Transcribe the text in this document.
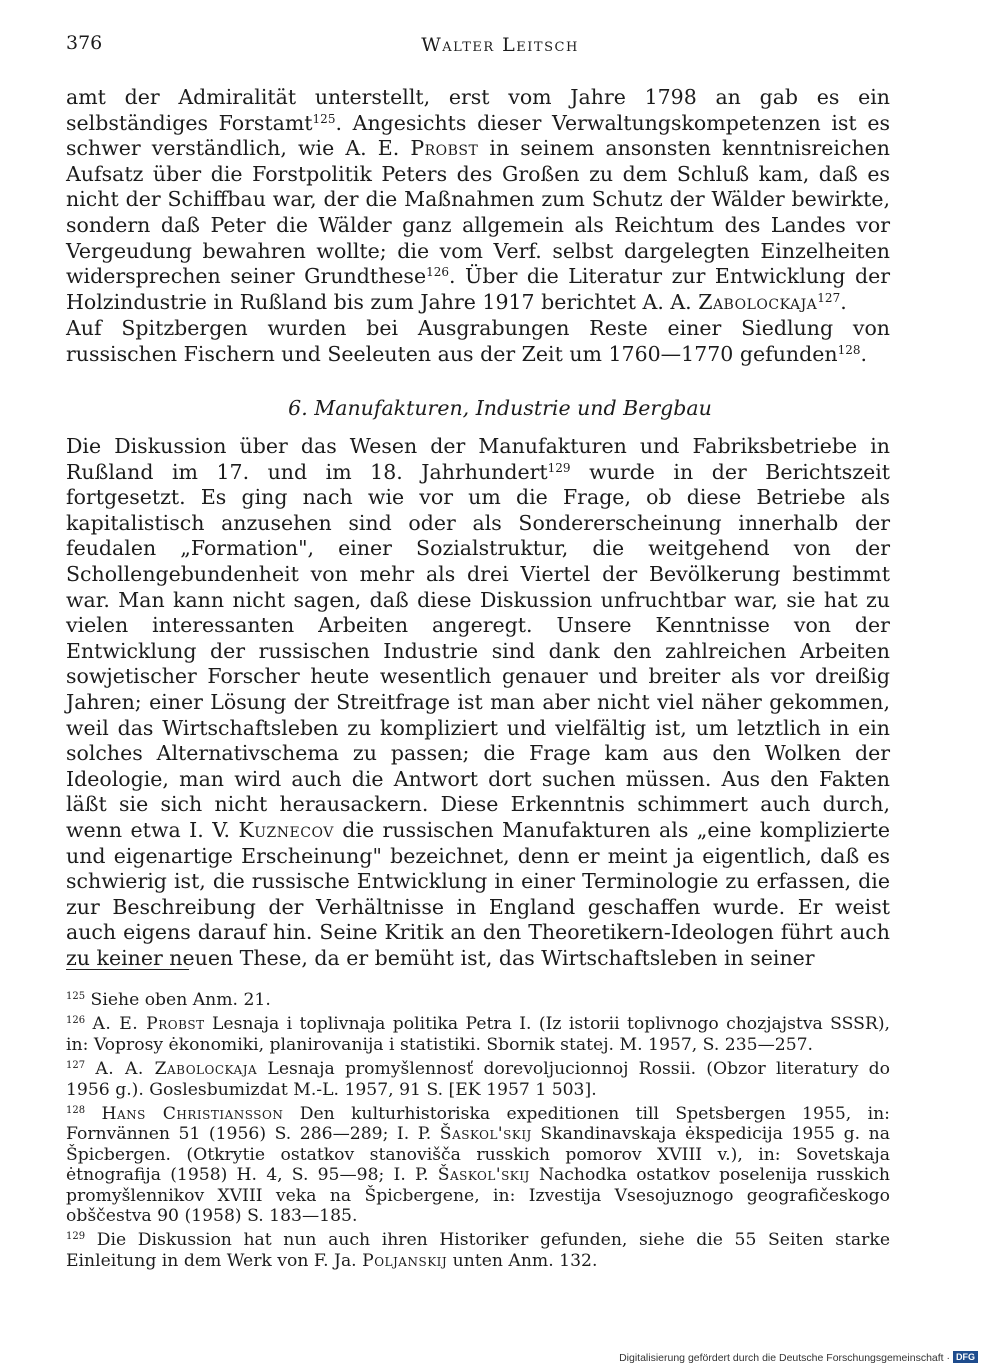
376	Walter Leitsch

amt der Admiralität unterstellt, erst vom Jahre 1798 an gab es ein selbständiges Forstamt$^{125}$. Angesichts dieser Verwaltungskompetenzen ist es schwer verständlich, wie A. E. Probst in seinem ansonsten kenntnisreichen Aufsatz über die Forstpolitik Peters des Großen zu dem Schluß kam, daß es nicht der Schiffbau war, der die Maßnahmen zum Schutz der Wälder bewirkte, sondern daß Peter die Wälder ganz allgemein als Reichtum des Landes vor Vergeudung bewahren wollte; die vom Verf. selbst dargelegten Einzelheiten widersprechen seiner Grundthese$^{126}$. Über die Literatur zur Entwicklung der Holzindustrie in Rußland bis zum Jahre 1917 berichtet A. A. Zabolockaja$^{127}$.

Auf Spitzbergen wurden bei Ausgrabungen Reste einer Siedlung von russischen Fischern und Seeleuten aus der Zeit um 1760—1770 gefunden$^{128}$.

6. Manufakturen, Industrie und Bergbau

Die Diskussion über das Wesen der Manufakturen und Fabriksbetriebe in Rußland im 17. und im 18. Jahrhundert$^{129}$ wurde in der Berichtszeit fortgesetzt. Es ging nach wie vor um die Frage, ob diese Betriebe als kapitalistisch anzusehen sind oder als Sondererscheinung innerhalb der feudalen „Formation", einer Sozialstruktur, die weitgehend von der Schollengebundenheit von mehr als drei Viertel der Bevölkerung bestimmt war. Man kann nicht sagen, daß diese Diskussion unfruchtbar war, sie hat zu vielen interessanten Arbeiten angeregt. Unsere Kenntnisse von der Entwicklung der russischen Industrie sind dank den zahlreichen Arbeiten sowjetischer Forscher heute wesentlich genauer und breiter als vor dreißig Jahren; einer Lösung der Streitfrage ist man aber nicht viel näher gekommen, weil das Wirtschaftsleben zu kompliziert und vielfältig ist, um letztlich in ein solches Alternativschema zu passen; die Frage kam aus den Wolken der Ideologie, man wird auch die Antwort dort suchen müssen. Aus den Fakten läßt sie sich nicht herausackern. Diese Erkenntnis schimmert auch durch, wenn etwa I. V. Kuznecov die russischen Manufakturen als „eine komplizierte und eigenartige Erscheinung" bezeichnet, denn er meint ja eigentlich, daß es schwierig ist, die russische Entwicklung in einer Terminologie zu erfassen, die zur Beschreibung der Verhältnisse in England geschaffen wurde. Er weist auch eigens darauf hin. Seine Kritik an den Theoretikern-Ideologen führt auch zu keiner neuen These, da er bemüht ist, das Wirtschaftsleben in seiner

$^{125}$ Siehe oben Anm. 21.

$^{126}$ A. E. Probst Lesnaja i toplivnaja politika Petra I. (Iz istorii toplivnogo chozjajstva SSSR), in: Voprosy ėkonomiki, planirovanija i statistiki. Sbornik statej. M. 1957, S. 235—257.

$^{127}$ A. A. Zabolockaja Lesnaja promyšlennosť dorevoljucionnoj Rossii. (Obzor literatury do 1956 g.). Goslesbumizdat M.-L. 1957, 91 S. [EK 1957 1 503].

$^{128}$ Hans Christiansson Den kulturhistoriska expeditionen till Spetsbergen 1955, in: Fornvännen 51 (1956) S. 286—289; I. P. Šaskol'skij Skandinavskaja ėkspedicija 1955 g. na Špicbergen. (Otkrytie ostatkov stanovišča russkich pomorov XVIII v.), in: Sovetskaja ėtnografija (1958) H. 4, S. 95—98; I. P. Šaskol'skij Nachodka ostatkov poselenija russkich promyšlennikov XVIII veka na Špicbergene, in: Izvestija Vsesojuznogo geografičeskogo obščestva 90 (1958) S. 183—185.

$^{129}$ Die Diskussion hat nun auch ihren Historiker gefunden, siehe die 55 Seiten starke Einleitung in dem Werk von F. Ja. Poljanskij unten Anm. 132.

Digitalisierung gefördert durch die Deutsche Forschungsgemeinschaft · DFG
